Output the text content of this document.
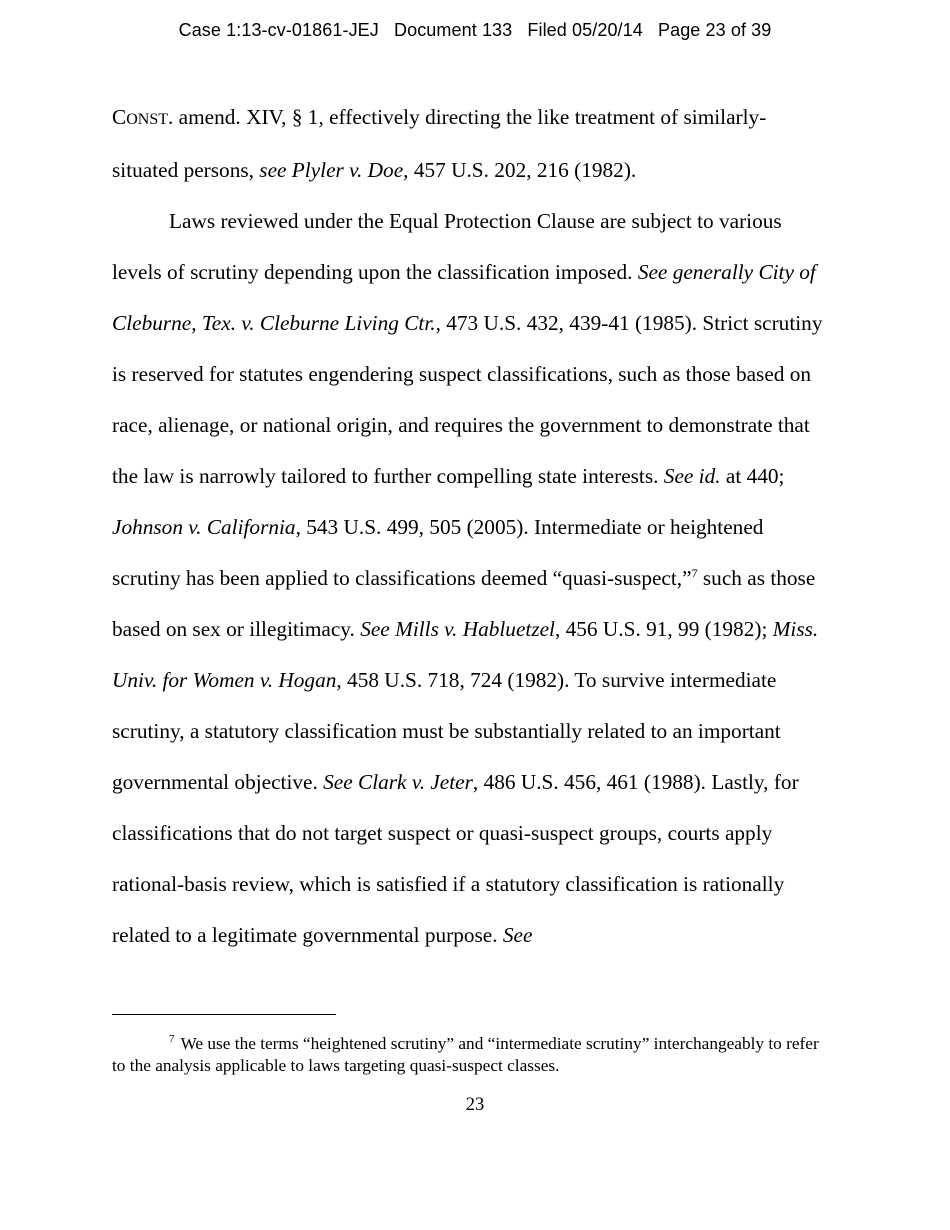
Case 1:13-cv-01861-JEJ Document 133 Filed 05/20/14 Page 23 of 39

CONST. amend. XIV, § 1, effectively directing the like treatment of similarly-situated persons, see Plyler v. Doe, 457 U.S. 202, 216 (1982).

Laws reviewed under the Equal Protection Clause are subject to various levels of scrutiny depending upon the classification imposed. See generally City of Cleburne, Tex. v. Cleburne Living Ctr., 473 U.S. 432, 439-41 (1985). Strict scrutiny is reserved for statutes engendering suspect classifications, such as those based on race, alienage, or national origin, and requires the government to demonstrate that the law is narrowly tailored to further compelling state interests. See id. at 440; Johnson v. California, 543 U.S. 499, 505 (2005). Intermediate or heightened scrutiny has been applied to classifications deemed “quasi-suspect,”$^7$ such as those based on sex or illegitimacy. See Mills v. Habluetzel, 456 U.S. 91, 99 (1982); Miss. Univ. for Women v. Hogan, 458 U.S. 718, 724 (1982). To survive intermediate scrutiny, a statutory classification must be substantially related to an important governmental objective. See Clark v. Jeter, 486 U.S. 456, 461 (1988). Lastly, for classifications that do not target suspect or quasi-suspect groups, courts apply rational-basis review, which is satisfied if a statutory classification is rationally related to a legitimate governmental purpose. See

$^7$ We use the terms “heightened scrutiny” and “intermediate scrutiny” interchangeably to refer to the analysis applicable to laws targeting quasi-suspect classes.
23
